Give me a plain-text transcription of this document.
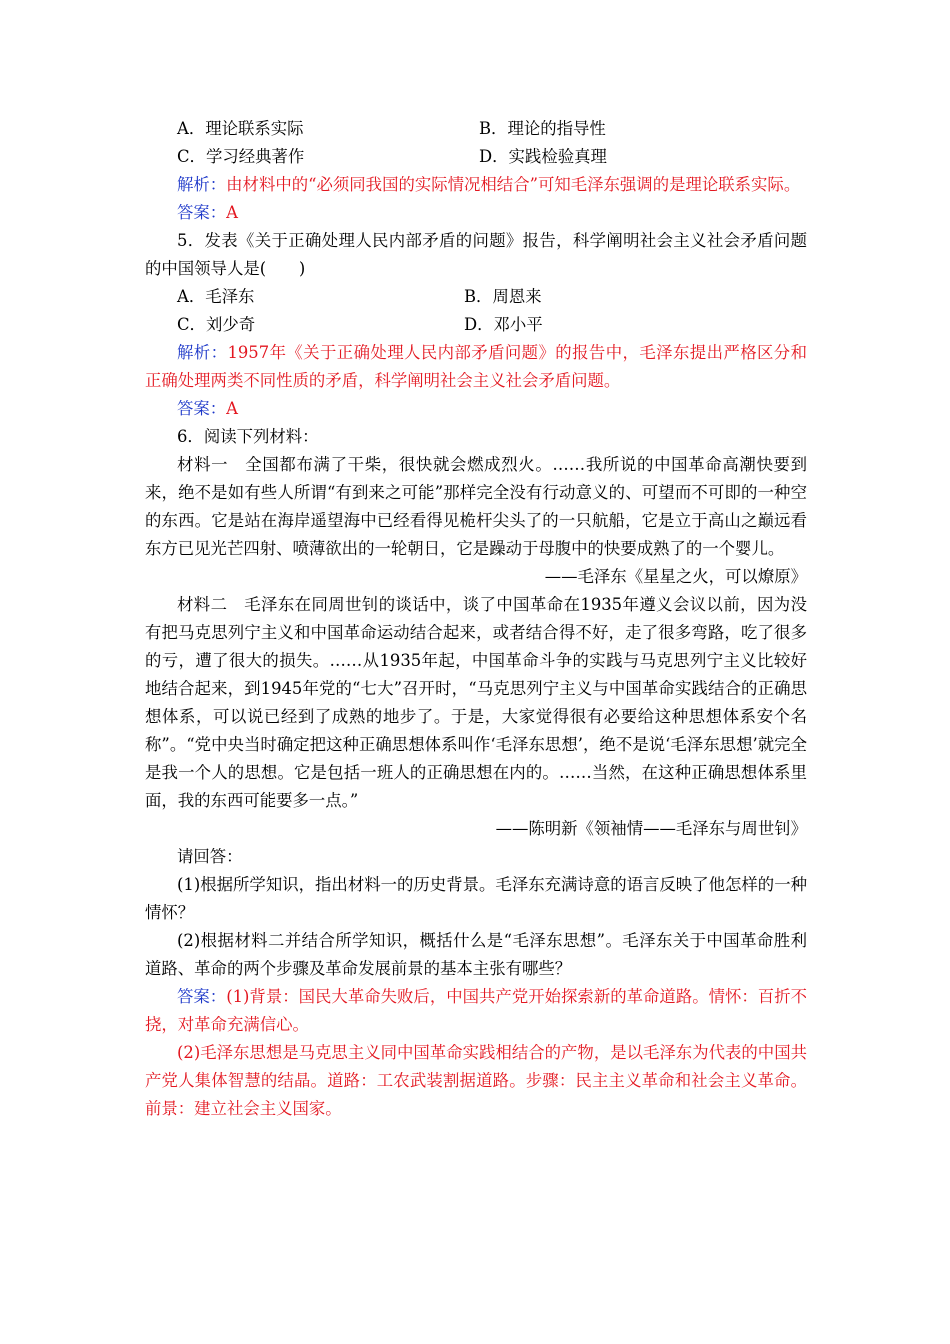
A．理论联系实际	B．理论的指导性
C．学习经典著作	D．实践检验真理

解析：由材料中的“必须同我国的实际情况相结合”可知毛泽东强调的是理论联系实际。

答案：A

5．发表《关于正确处理人民内部矛盾的问题》报告，科学阐明社会主义社会矛盾问题的中国领导人是(　　)

A．毛泽东	B．周恩来
C．刘少奇	D．邓小平

解析：1957年《关于正确处理人民内部矛盾问题》的报告中，毛泽东提出严格区分和正确处理两类不同性质的矛盾，科学阐明社会主义社会矛盾问题。

答案：A

6．阅读下列材料：

材料一　全国都布满了干柴，很快就会燃成烈火。……我所说的中国革命高潮快要到来，绝不是如有些人所谓“有到来之可能”那样完全没有行动意义的、可望而不可即的一种空的东西。它是站在海岸遥望海中已经看得见桅杆尖头了的一只航船，它是立于高山之巅远看东方已见光芒四射、喷薄欲出的一轮朝日，它是躁动于母腹中的快要成熟了的一个婴儿。

——毛泽东《星星之火，可以燎原》

材料二　毛泽东在同周世钊的谈话中，谈了中国革命在1935年遵义会议以前，因为没有把马克思列宁主义和中国革命运动结合起来，或者结合得不好，走了很多弯路，吃了很多的亏，遭了很大的损失。……从1935年起，中国革命斗争的实践与马克思列宁主义比较好地结合起来，到1945年党的“七大”召开时，“马克思列宁主义与中国革命实践结合的正确思想体系，可以说已经到了成熟的地步了。于是，大家觉得很有必要给这种思想体系安个名称”。“党中央当时确定把这种正确思想体系叫作‘毛泽东思想’，绝不是说‘毛泽东思想’就完全是我一个人的思想。它是包括一班人的正确思想在内的。……当然，在这种正确思想体系里面，我的东西可能要多一点。”

——陈明新《领袖情——毛泽东与周世钊》

请回答：

(1)根据所学知识，指出材料一的历史背景。毛泽东充满诗意的语言反映了他怎样的一种情怀？

(2)根据材料二并结合所学知识，概括什么是“毛泽东思想”。毛泽东关于中国革命胜利道路、革命的两个步骤及革命发展前景的基本主张有哪些？

答案：(1)背景：国民大革命失败后，中国共产党开始探索新的革命道路。情怀：百折不挠，对革命充满信心。

(2)毛泽东思想是马克思主义同中国革命实践相结合的产物，是以毛泽东为代表的中国共产党人集体智慧的结晶。道路：工农武装割据道路。步骤：民主主义革命和社会主义革命。前景：建立社会主义国家。
